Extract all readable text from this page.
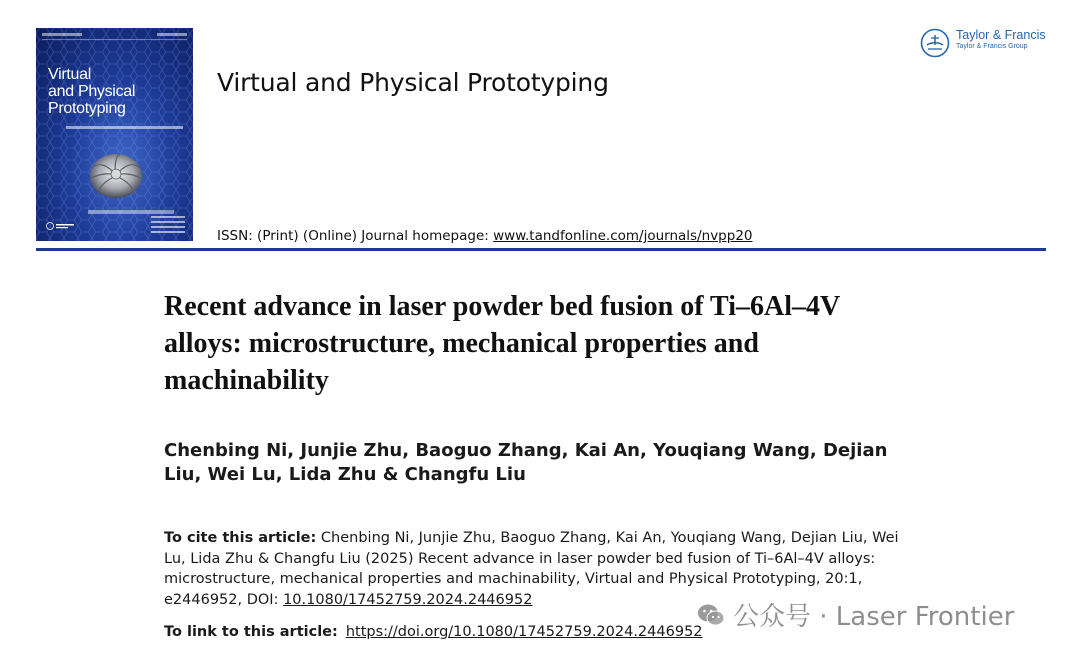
Virtual
and Physical
Prototyping
Virtual and Physical Prototyping
Taylor & Francis
Taylor & Francis Group
ISSN: (Print) (Online) Journal homepage: www.tandfonline.com/journals/nvpp20
Recent advance in laser powder bed fusion of Ti–6Al–4V alloys: microstructure, mechanical properties and machinability

Chenbing Ni, Junjie Zhu, Baoguo Zhang, Kai An, Youqiang Wang, Dejian Liu, Wei Lu, Lida Zhu & Changfu Liu

To cite this article: Chenbing Ni, Junjie Zhu, Baoguo Zhang, Kai An, Youqiang Wang, Dejian Liu, Wei Lu, Lida Zhu & Changfu Liu (2025) Recent advance in laser powder bed fusion of Ti–6Al–4V alloys: microstructure, mechanical properties and machinability, Virtual and Physical Prototyping, 20:1, e2446952, DOI: 10.1080/17452759.2024.2446952

To link to this article: https://doi.org/10.1080/17452759.2024.2446952 公众号 · Laser Frontier
